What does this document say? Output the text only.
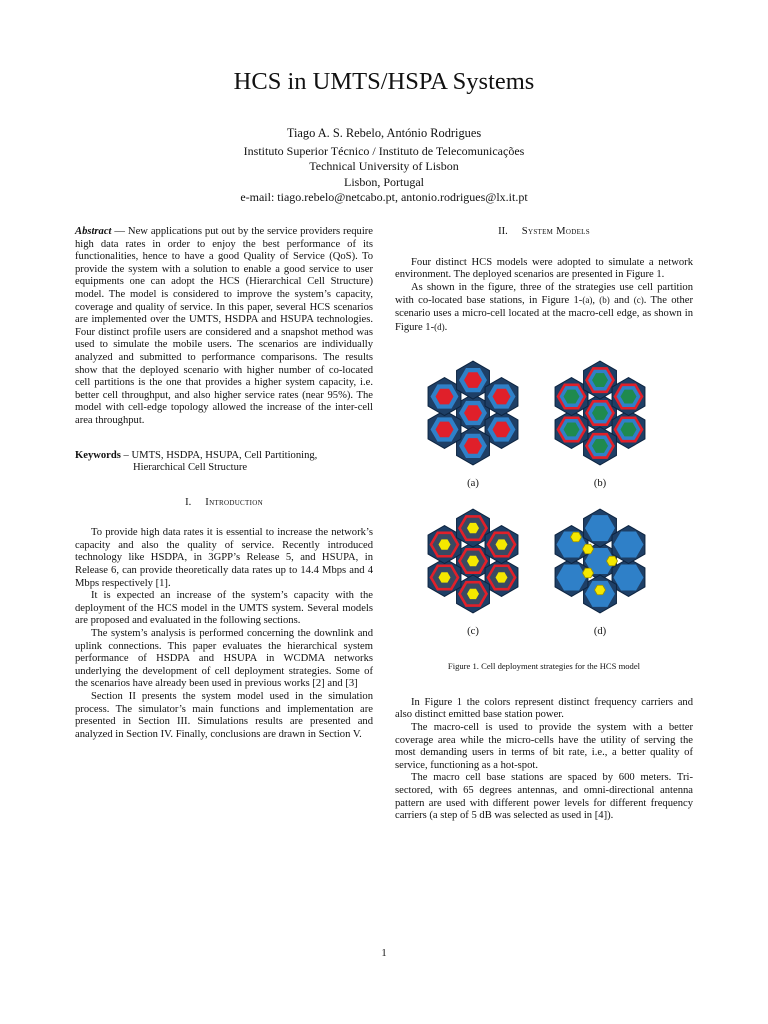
HCS in UMTS/HSPA Systems
Tiago A. S. Rebelo, António Rodrigues
Instituto Superior Técnico / Instituto de Telecomunicações
Technical University of Lisbon
Lisbon, Portugal
e-mail: tiago.rebelo@netcabo.pt, antonio.rodrigues@lx.it.pt

Abstract — New applications put out by the service providers require high data rates in order to enjoy the best performance of its functionalities, hence to have a good Quality of Service (QoS). To provide the system with a solution to enable a good service to user equipments one can adopt the HCS (Hierarchical Cell Structure) model. The model is considered to improve the system’s capacity, coverage and quality of service. In this paper, several HCS scenarios are implemented over the UMTS, HSDPA and HSUPA technologies. Four distinct profile users are considered and a snapshot method was used to simulate the mobile users. The scenarios are individually analyzed and submitted to performance comparisons. The results show that the deployed scenario with higher number of co-located cell partitions is the one that provides a higher system capacity, i.e. better cell throughput, and also higher service rates (near 95%). The model with cell-edge topology allowed the increase of the inter-cell area throughput.

Keywords – UMTS, HSDPA, HSUPA, Cell Partitioning,
Hierarchical Cell Structure
I. Introduction

To provide high data rates it is essential to increase the network’s capacity and also the quality of service. Recently introduced technology like HSDPA, in 3GPP’s Release 5, and HSUPA, in Release 6, can provide theoretically data rates up to 14.4 Mbps and 4 Mbps respectively [1].

It is expected an increase of the system’s capacity with the deployment of the HCS model in the UMTS system. Several models are proposed and evaluated in the following sections.

The system’s analysis is performed concerning the downlink and uplink connections. This paper evaluates the hierarchical system performance of HSDPA and HSUPA in WCDMA networks underlying the development of cell deployment strategies. Some of the scenarios have already been used in previous works [2] and [3]

Section II presents the system model used in the simulation process. The simulator’s main functions and implementation are presented in Section III. Simulations results are presented and analyzed in Section IV. Finally, conclusions are drawn in Section V.

II. System Models

Four distinct HCS models were adopted to simulate a network environment. The deployed scenarios are presented in Figure 1.

As shown in the figure, three of the strategies use cell partition with co-located base stations, in Figure 1-(a), (b) and (c). The other scenario uses a micro-cell located at the macro-cell edge, as shown in Figure 1-(d).

(a)	(b)
(c)	(d)
Figure 1. Cell deployment strategies for the HCS model

In Figure 1 the colors represent distinct frequency carriers and also distinct emitted base station power.

The macro-cell is used to provide the system with a better coverage area while the micro-cells have the utility of serving the most demanding users in terms of bit rate, i.e., a better quality of service, functioning as a hot-spot.

The macro cell base stations are spaced by 600 meters. Tri-sectored, with 65 degrees antennas, and omni-directional antenna pattern are used with different power levels for different frequency carriers (a step of 5 dB was selected as used in [4]).

1
